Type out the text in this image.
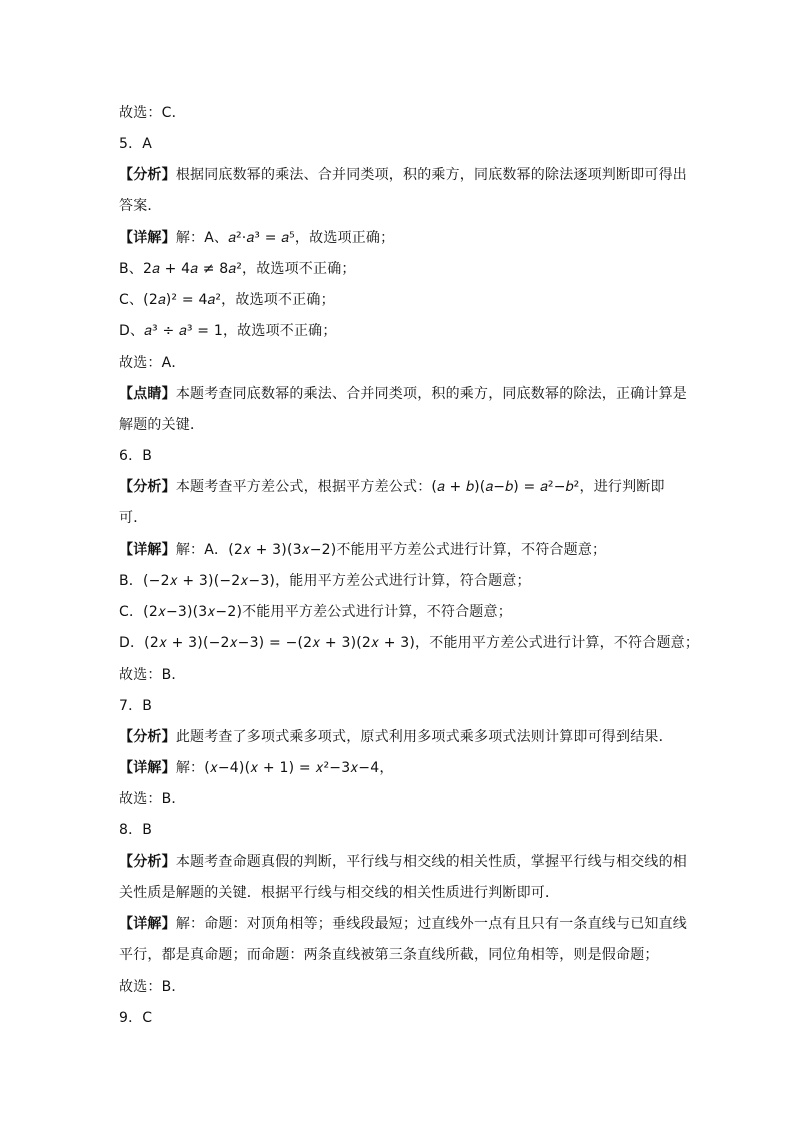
故选：C．
5．A
【分析】根据同底数幂的乘法、合并同类项，积的乘方，同底数幂的除法逐项判断即可得出
答案．
【详解】解：A、𝑎²·𝑎³ = 𝑎⁵，故选项正确；
B、2𝑎 + 4𝑎 ≠ 8𝑎²，故选项不正确；
C、(2𝑎)² = 4𝑎²，故选项不正确；
D、𝑎³ ÷ 𝑎³ = 1，故选项不正确；
故选：A．
【点睛】本题考查同底数幂的乘法、合并同类项，积的乘方，同底数幂的除法，正确计算是
解题的关键．
6．B
【分析】本题考查平方差公式，根据平方差公式：(𝑎 + 𝑏)(𝑎−𝑏) = 𝑎²−𝑏²，进行判断即
可．
【详解】解：A．(2𝑥 + 3)(3𝑥−2)不能用平方差公式进行计算，不符合题意；
B．(−2𝑥 + 3)(−2𝑥−3)，能用平方差公式进行计算，符合题意；
C．(2𝑥−3)(3𝑥−2)不能用平方差公式进行计算，不符合题意；
D．(2𝑥 + 3)(−2𝑥−3) = −(2𝑥 + 3)(2𝑥 + 3)，不能用平方差公式进行计算，不符合题意；
故选：B．
7．B
【分析】此题考查了多项式乘多项式，原式利用多项式乘多项式法则计算即可得到结果．
【详解】解：(𝑥−4)(𝑥 + 1) = 𝑥²−3𝑥−4，
故选：B．
8．B
【分析】本题考查命题真假的判断，平行线与相交线的相关性质，掌握平行线与相交线的相
关性质是解题的关键．根据平行线与相交线的相关性质进行判断即可．
【详解】解：命题：对顶角相等；垂线段最短；过直线外一点有且只有一条直线与已知直线
平行，都是真命题；而命题：两条直线被第三条直线所截，同位角相等，则是假命题；
故选：B．
9．C
